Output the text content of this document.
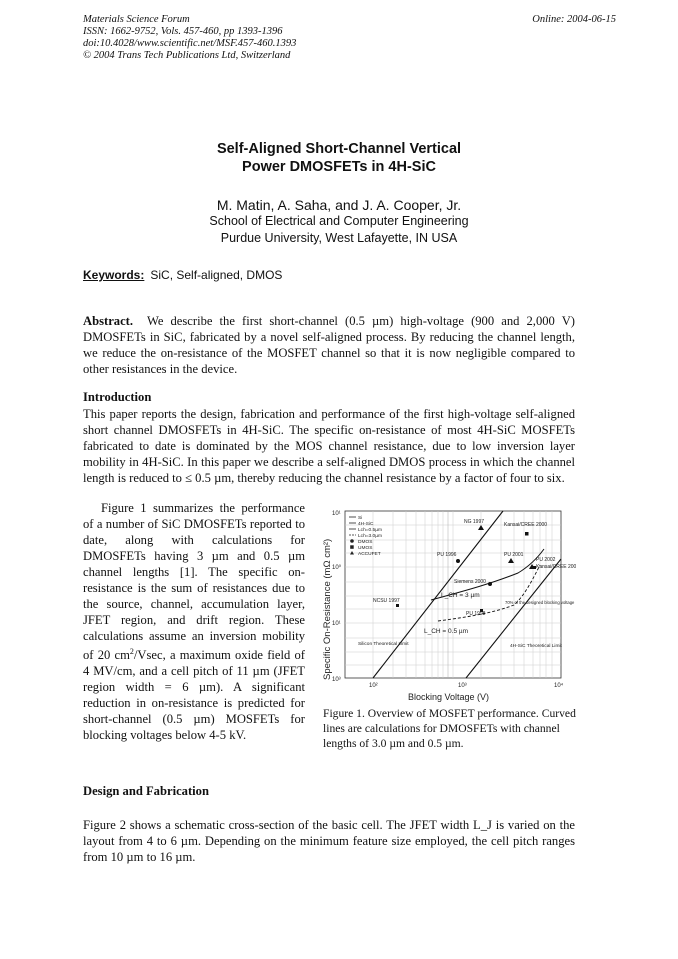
Materials Science Forum
ISSN: 1662-9752, Vols. 457-460, pp 1393-1396
doi:10.4028/www.scientific.net/MSF.457-460.1393
© 2004 Trans Tech Publications Ltd, Switzerland
Online: 2004-06-15
Self-Aligned Short-Channel Vertical
Power DMOSFETs in 4H-SiC
M. Matin, A. Saha, and J. A. Cooper, Jr.
School of Electrical and Computer Engineering
Purdue University, West Lafayette, IN USA
Keywords: SiC, Self-aligned, DMOS
Abstract. We describe the first short-channel (0.5 µm) high-voltage (900 and 2,000 V) DMOSFETs in SiC, fabricated by a novel self-aligned process. By reducing the channel length, we reduce the on-resistance of the MOSFET channel so that it is now negligible compared to other resistances in the device.
Introduction
This paper reports the design, fabrication and performance of the first high-voltage self-aligned short channel DMOSFETs in 4H-SiC. The specific on-resistance of most 4H-SiC MOSFETs fabricated to date is dominated by the MOS channel resistance, due to low inversion layer mobility in 4H-SiC. In this paper we describe a self-aligned DMOS process in which the channel length is reduced to ≤ 0.5 µm, thereby reducing the channel resistance by a factor of four to six.
Figure 1 summarizes the performance of a number of SiC DMOSFETs reported to date, along with calculations for DMOSFETs having 3 µm and 0.5 µm channel lengths [1]. The specific on-resistance is the sum of resistances due to the source, channel, accumulation layer, JFET region, and drift region. These calculations assume an inversion mobility of 20 $cm^2$/Vsec, a maximum oxide field of 4 MV/cm, and a cell pitch of 11 µm (JFET region width = 6 µm). A significant reduction in on-resistance is predicted for short-channel (0.5 µm) MOSFETs for blocking voltages below 4-5 kV.
Specific On-Resistance (mΩ cm²)
10¹
10⁰
10¹
10³
10²	10³	10⁴
Blocking Voltage (V)
Si
4H-SiC
Lch=0.5µm
Lch=3.0µm
DMOS
UMOS
ACCUFET
NG 1997	Kansai/CREE 2000
PU 1996	PU 2001
PU 2002
Kansai/CREE 2001
Siemens 2000
NCSU 1997
PU 1998
L_CH = 3 µm
L_CH = 0.5 µm
70% of the designed blocking voltage
Silicon Theoretical Limit	4H-SiC Theoretical Limit
Figure 1. Overview of MOSFET performance. Curved lines are calculations for DMOSFETs with channel lengths of 3.0 µm and 0.5 µm.
Design and Fabrication
Figure 2 shows a schematic cross-section of the basic cell. The JFET width L_J is varied on the layout from 4 to 6 µm. Depending on the minimum feature size employed, the cell pitch ranges from 10 µm to 16 µm.
